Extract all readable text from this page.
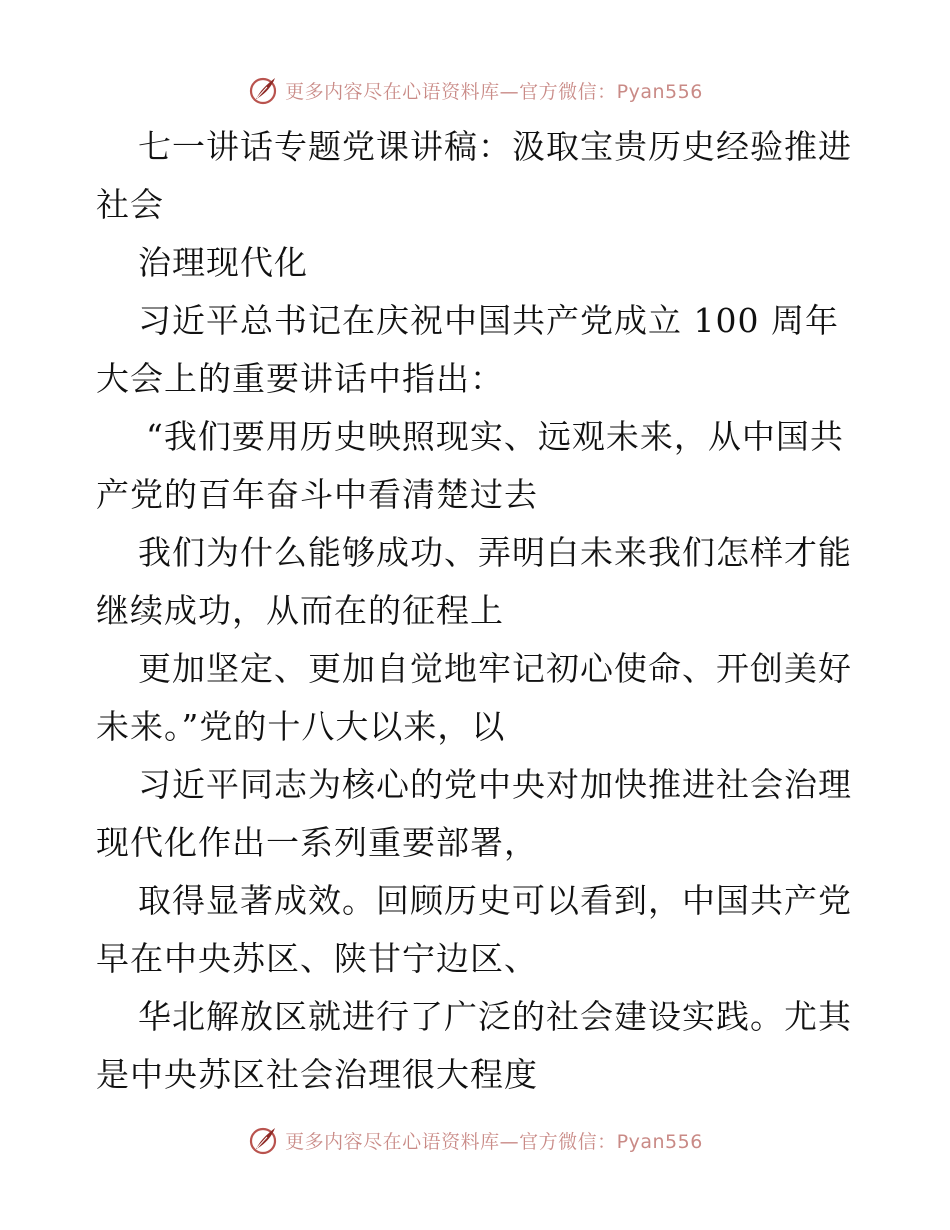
更多内容尽在心语资料库—官方微信：Pyan556

七一讲话专题党课讲稿：汲取宝贵历史经验推进
社会

治理现代化

习近平总书记在庆祝中国共产党成立 100 周年
大会上的重要讲话中指出：

“我们要用历史映照现实、远观未来，从中国共
产党的百年奋斗中看清楚过去

我们为什么能够成功、弄明白未来我们怎样才能
继续成功，从而在的征程上

更加坚定、更加自觉地牢记初心使命、开创美好
未来。”党的十八大以来，以

习近平同志为核心的党中央对加快推进社会治理
现代化作出一系列重要部署，

取得显著成效。回顾历史可以看到，中国共产党
早在中央苏区、陕甘宁边区、

华北解放区就进行了广泛的社会建设实践。尤其
是中央苏区社会治理很大程度

更多内容尽在心语资料库—官方微信：Pyan556
